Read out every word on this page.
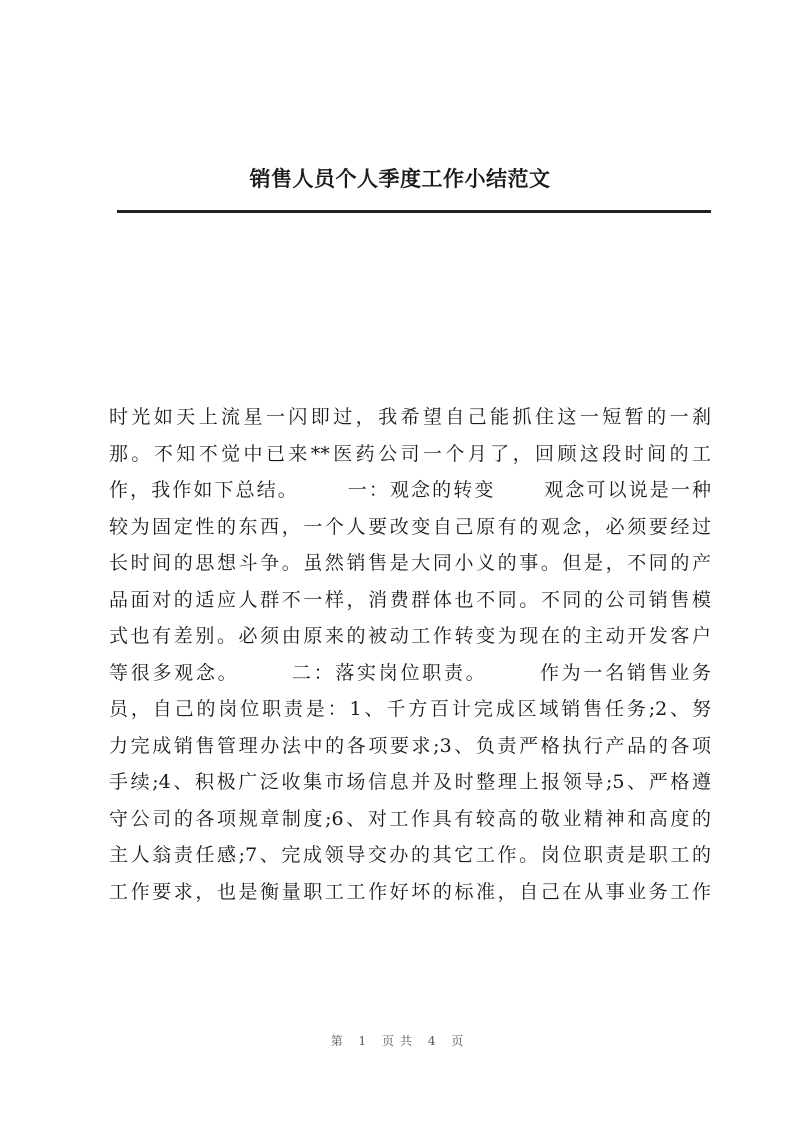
销售人员个人季度工作小结范文
时光如天上流星一闪即过，我希望自己能抓住这一短暂的一刹
那。不知不觉中已来**医药公司一个月了，回顾这段时间的工
作，我作如下总结。      一：观念的转变      观念可以说是一种
较为固定性的东西，一个人要改变自己原有的观念，必须要经过
长时间的思想斗争。虽然销售是大同小义的事。但是，不同的产
品面对的适应人群不一样，消费群体也不同。不同的公司销售模
式也有差别。必须由原来的被动工作转变为现在的主动开发客户
等很多观念。      二：落实岗位职责。      作为一名销售业务
员，自己的岗位职责是：1、千方百计完成区域销售任务;2、努
力完成销售管理办法中的各项要求;3、负责严格执行产品的各项
手续;4、积极广泛收集市场信息并及时整理上报领导;5、严格遵
守公司的各项规章制度;6、对工作具有较高的敬业精神和高度的
主人翁责任感;7、完成领导交办的其它工作。岗位职责是职工的
工作要求，也是衡量职工工作好坏的标准，自己在从事业务工作
第 1 页共 4 页
